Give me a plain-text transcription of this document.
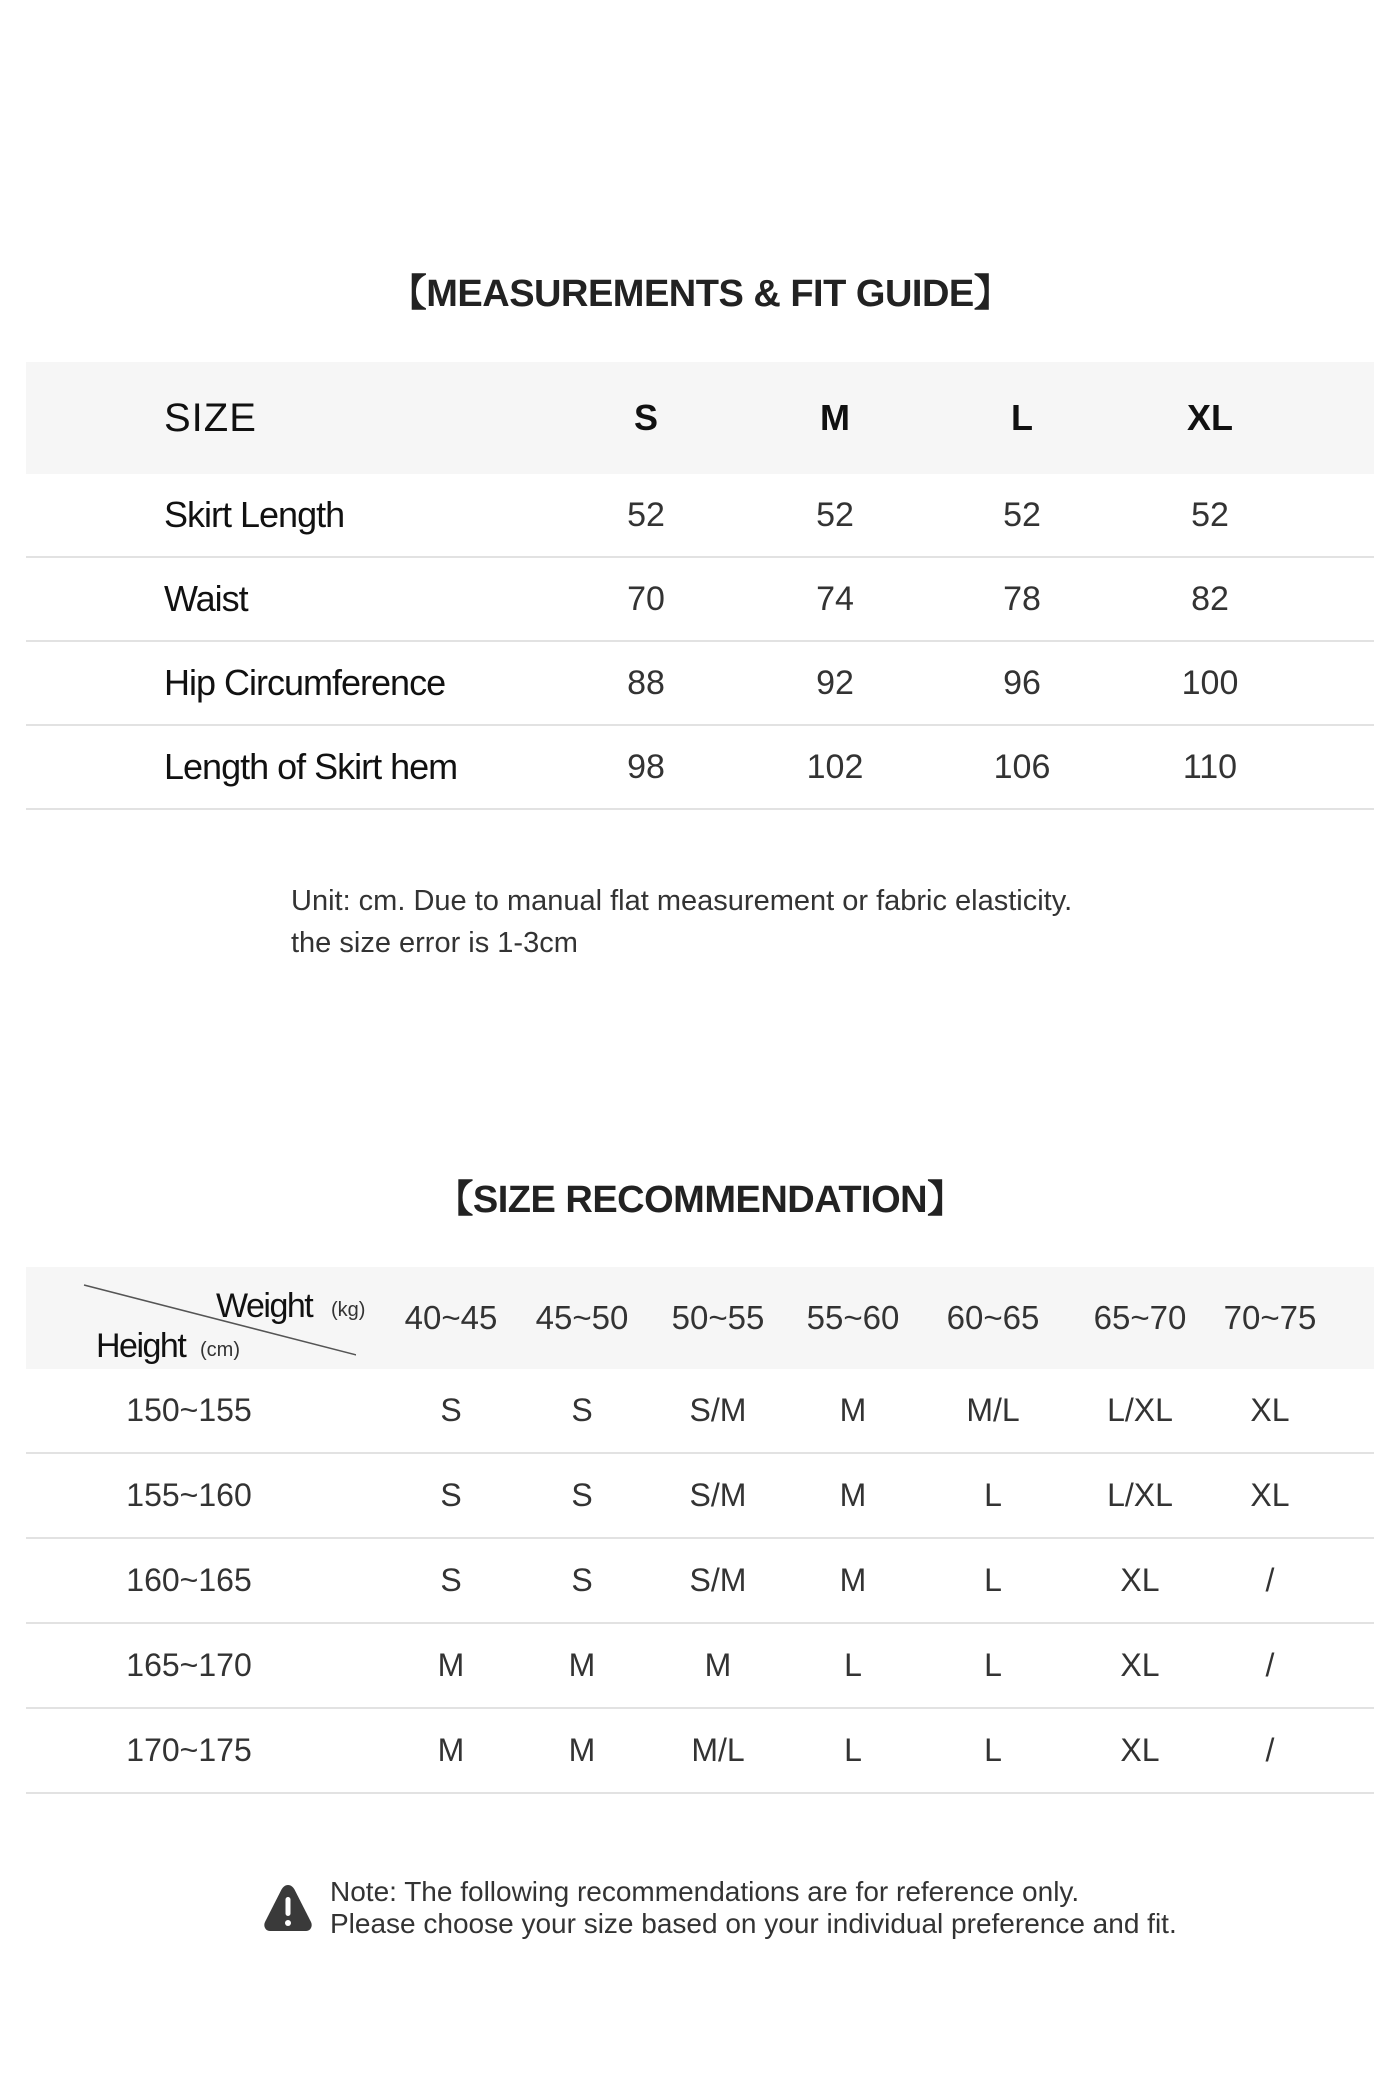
【MEASUREMENTS & FIT GUIDE】
SIZE	S	M	L	XL
Skirt Length	52	52	52	52
Waist	70	74	78	82
Hip Circumference	88	92	96	100
Length of Skirt hem	98	102	106	110
Unit: cm. Due to manual flat measurement or fabric elasticity.
the size error is 1-3cm
【SIZE RECOMMENDATION】
Weight (kg)
Height (cm)
40~45	45~50	50~55	55~60	60~65	65~70	70~75
150~155	S	S	S/M	M	M/L	L/XL	XL
155~160	S	S	S/M	M	L	L/XL	XL
160~165	S	S	S/M	M	L	XL	/
165~170	M	M	M	L	L	XL	/
170~175	M	M	M/L	L	L	XL	/
Note: The following recommendations are for reference only.
Please choose your size based on your individual preference and fit.
